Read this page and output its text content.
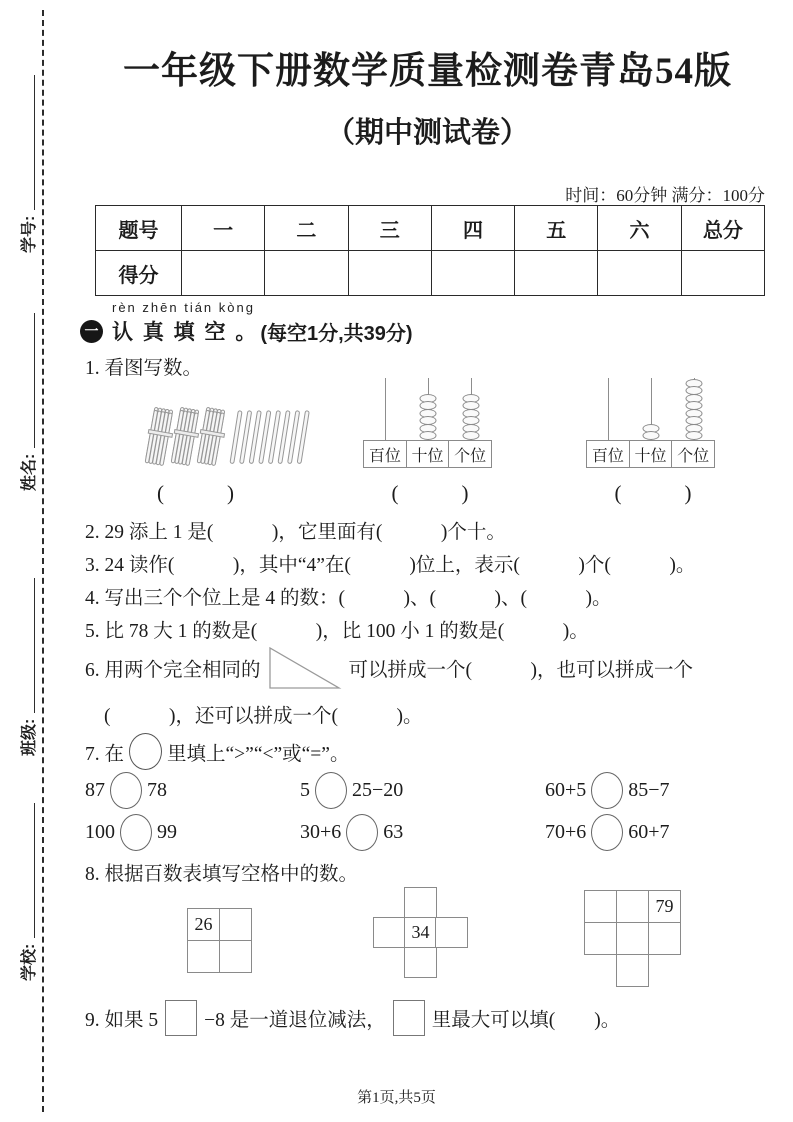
学号:
姓名:
班级:
学校:
一年级下册数学质量检测卷青岛54版
（期中测试卷）
时间：60分钟 满分：100分
题号	一	二	三	四	五	六	总分
得分							
rèn zhēn tián kòng
一 认 真 填 空 。 (每空1分,共39分)
1. 看图写数。
百位 十位 个位	百位 十位 个位
(　　　)	(　　　)	(　　　)
2. 29 添上 1 是(　　　)，它里面有(　　　)个十。
3. 24 读作(　　　)，其中“4”在(　　　)位上，表示(　　　)个(　　　)。
4. 写出三个个位上是 4 的数：(　　　)、(　　　)、(　　　)。
5. 比 78 大 1 的数是(　　　)，比 100 小 1 的数是(　　　)。
6. 用两个完全相同的	可以拼成一个(　　　)，也可以拼成一个
(　　　)，还可以拼成一个(　　　)。
7. 在 里填上“>”“<”或“=”。
87 78	5 25−20	60+5 85−7
100 99	30+6 63	70+6 60+7
8. 根据百数表填写空格中的数。
26	34
79
9. 如果 5 −8 是一道退位减法， 里最大可以填(　　)。
第1页,共5页
